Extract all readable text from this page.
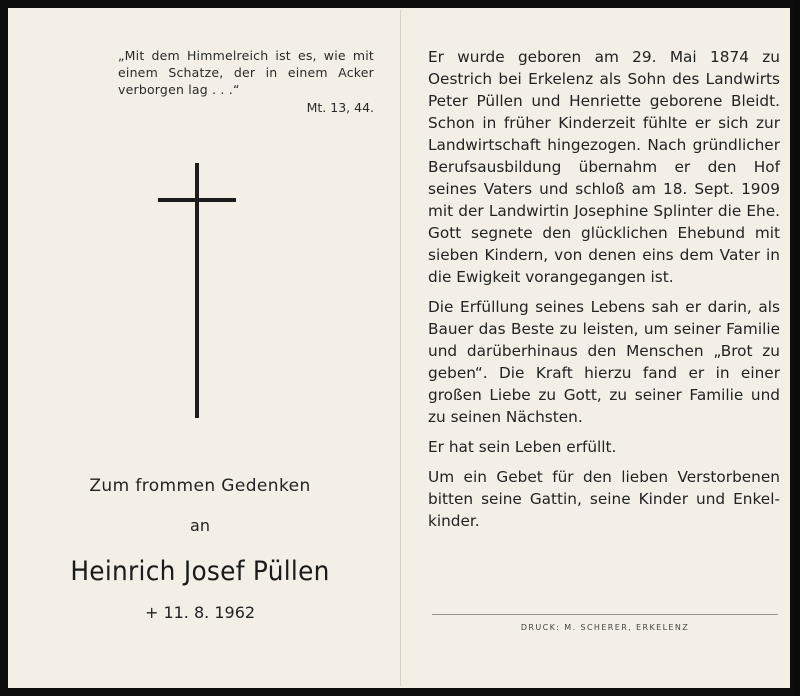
„Mit dem Himmelreich ist es, wie mit einem Schatze, der in einem Acker verborgen lag . . .“
Mt. 13, 44.
Zum frommen Gedenken
an
Heinrich Josef Püllen
+ 11. 8. 1962

Er wurde geboren am 29. Mai 1874 zu Oestrich bei Erkelenz als Sohn des Landwirts Peter Püllen und Henriette geborene Bleidt. Schon in früher Kinderzeit fühlte er sich zur Landwirtschaft hingezogen. Nach gründlicher Berufsausbildung übernahm er den Hof seines Vaters und schloß am 18. Sept. 1909 mit der Landwirtin Josephine Splinter die Ehe. Gott segnete den glücklichen Ehebund mit sieben Kindern, von denen eins dem Vater in die Ewigkeit vorangegangen ist.

Die Erfüllung seines Lebens sah er darin, als Bauer das Beste zu leisten, um seiner Familie und darüberhinaus den Menschen „Brot zu geben“. Die Kraft hierzu fand er in einer großen Liebe zu Gott, zu seiner Familie und zu seinen Nächsten.

Er hat sein Leben erfüllt.

Um ein Gebet für den lieben Verstorbenen bitten seine Gattin, seine Kinder und Enkelkinder.

DRUCK: M. SCHERER, ERKELENZ
